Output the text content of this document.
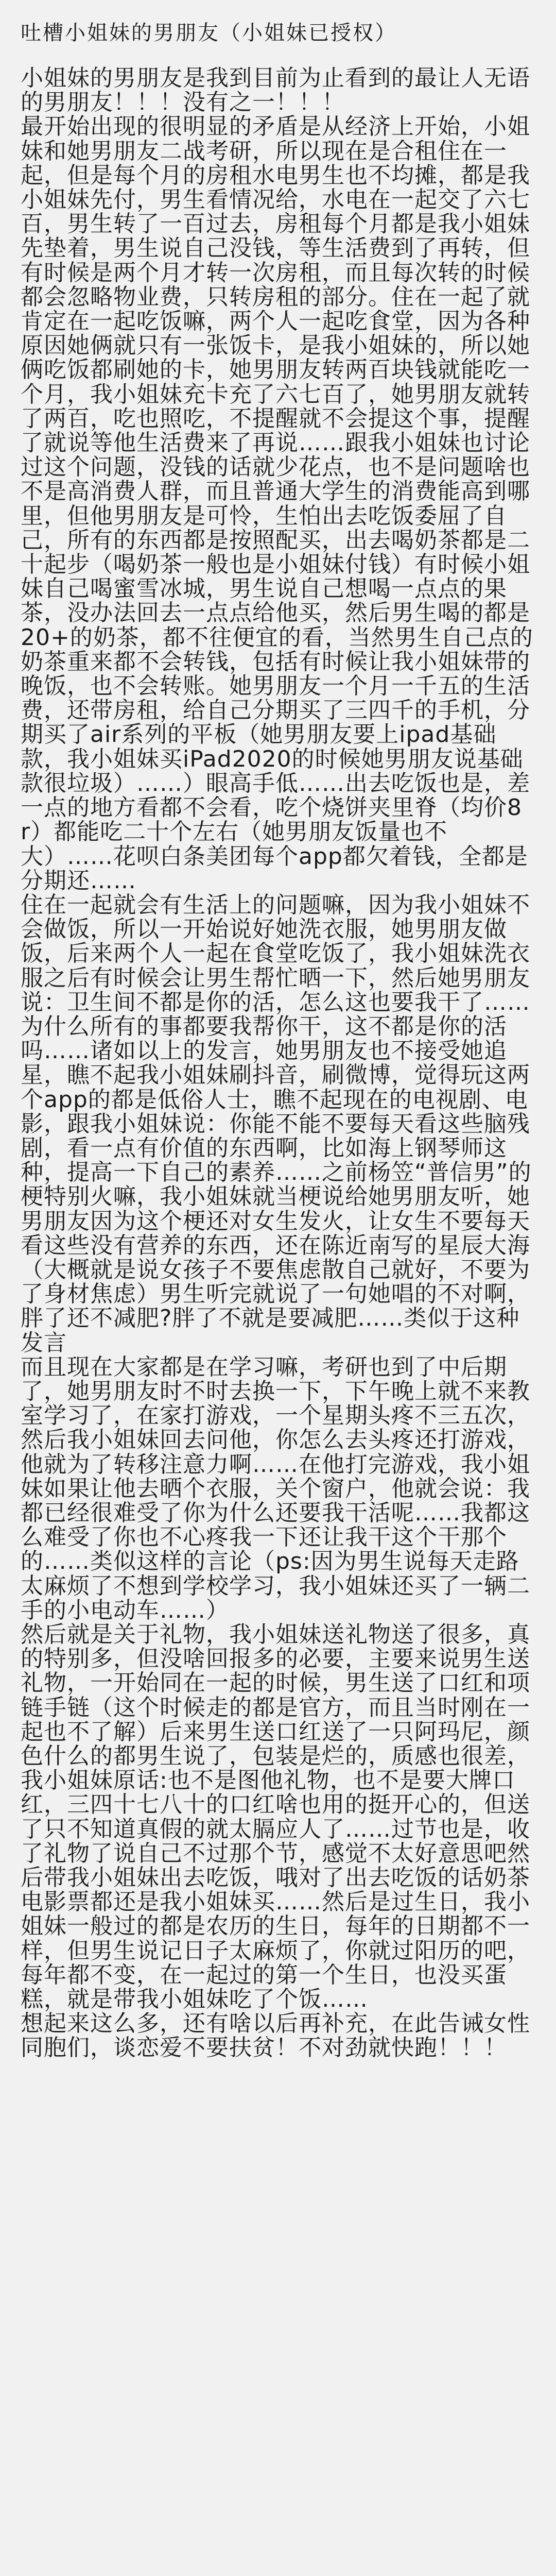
吐槽小姐妹的男朋友（小姐妹已授权）

小姐妹的男朋友是我到目前为止看到的最让人无语的男朋友！！！没有之一！！！

最开始出现的很明显的矛盾是从经济上开始，小姐妹和她男朋友二战考研，所以现在是合租住在一起，但是每个月的房租水电男生也不均摊，都是我小姐妹先付，男生看情况给，水电在一起交了六七百，男生转了一百过去，房租每个月都是我小姐妹先垫着，男生说自己没钱，等生活费到了再转，但有时候是两个月才转一次房租，而且每次转的时候都会忽略物业费，只转房租的部分。住在一起了就肯定在一起吃饭嘛，两个人一起吃食堂，因为各种原因她俩就只有一张饭卡，是我小姐妹的，所以她俩吃饭都刷她的卡，她男朋友转两百块钱就能吃一个月，我小姐妹充卡充了六七百了，她男朋友就转了两百，吃也照吃，不提醒就不会提这个事，提醒了就说等他生活费来了再说……跟我小姐妹也讨论过这个问题，没钱的话就少花点，也不是问题啥也不是高消费人群，而且普通大学生的消费能高到哪里，但他男朋友是可怜，生怕出去吃饭委屈了自己，所有的东西都是按照配买，出去喝奶茶都是二十起步（喝奶茶一般也是小姐妹付钱）有时候小姐妹自己喝蜜雪冰城，男生说自己想喝一点点的果茶，没办法回去一点点给他买，然后男生喝的都是20+的奶茶，都不往便宜的看，当然男生自己点的奶茶重来都不会转钱，包括有时候让我小姐妹带的晚饭，也不会转账。她男朋友一个月一千五的生活费，还带房租，给自己分期买了三四千的手机，分期买了air系列的平板（她男朋友要上ipad基础款，我小姐妹买iPad2020的时候她男朋友说基础款很垃圾）……）眼高手低……出去吃饭也是，差一点的地方看都不会看，吃个烧饼夹里脊（均价8r）都能吃二十个左右（她男朋友饭量也不大）……花呗白条美团每个app都欠着钱，全都是分期还……

住在一起就会有生活上的问题嘛，因为我小姐妹不会做饭，所以一开始说好她洗衣服，她男朋友做饭，后来两个人一起在食堂吃饭了，我小姐妹洗衣服之后有时候会让男生帮忙晒一下，然后她男朋友说：卫生间不都是你的活，怎么这也要我干了……为什么所有的事都要我帮你干，这不都是你的活吗……诸如以上的发言，她男朋友也不接受她追星，瞧不起我小姐妹刷抖音，刷微博，觉得玩这两个app的都是低俗人士，瞧不起现在的电视剧、电影，跟我小姐妹说：你能不能不要每天看这些脑残剧，看一点有价值的东西啊，比如海上钢琴师这种，提高一下自己的素养……之前杨笠“普信男”的梗特别火嘛，我小姐妹就当梗说给她男朋友听，她男朋友因为这个梗还对女生发火，让女生不要每天看这些没有营养的东西，还在陈近南写的星辰大海（大概就是说女孩子不要焦虑散自己就好，不要为了身材焦虑）男生听完就说了一句她唱的不对啊，胖了还不减肥?胖了不就是要减肥……类似于这种发言

而且现在大家都是在学习嘛，考研也到了中后期了，她男朋友时不时去换一下，下午晚上就不来教室学习了，在家打游戏，一个星期头疼不三五次，然后我小姐妹回去问他，你怎么去头疼还打游戏，他就为了转移注意力啊……在他打完游戏，我小姐妹如果让他去晒个衣服，关个窗户，他就会说：我都已经很难受了你为什么还要我干活呢……我都这么难受了你也不心疼我一下还让我干这个干那个的……类似这样的言论（ps:因为男生说每天走路太麻烦了不想到学校学习，我小姐妹还买了一辆二手的小电动车……）

然后就是关于礼物，我小姐妹送礼物送了很多，真的特别多，但没啥回报多的必要，主要来说男生送礼物，一开始同在一起的时候，男生送了口红和项链手链（这个时候走的都是官方，而且当时刚在一起也不了解）后来男生送口红送了一只阿玛尼，颜色什么的都男生说了，包装是烂的，质感也很差，我小姐妹原话:也不是图他礼物，也不是要大牌口红，三四十七八十的口红啥也用的挺开心的，但送了只不知道真假的就太膈应人了……过节也是，收了礼物了说自己不过那个节，感觉不太好意思吧然后带我小姐妹出去吃饭，哦对了出去吃饭的话奶茶电影票都还是我小姐妹买……然后是过生日，我小姐妹一般过的都是农历的生日，每年的日期都不一样，但男生说记日子太麻烦了，你就过阳历的吧，每年都不变，在一起过的第一个生日，也没买蛋糕，就是带我小姐妹吃了个饭……

想起来这么多，还有啥以后再补充，在此告诫女性同胞们，谈恋爱不要扶贫！不对劲就快跑！！！
